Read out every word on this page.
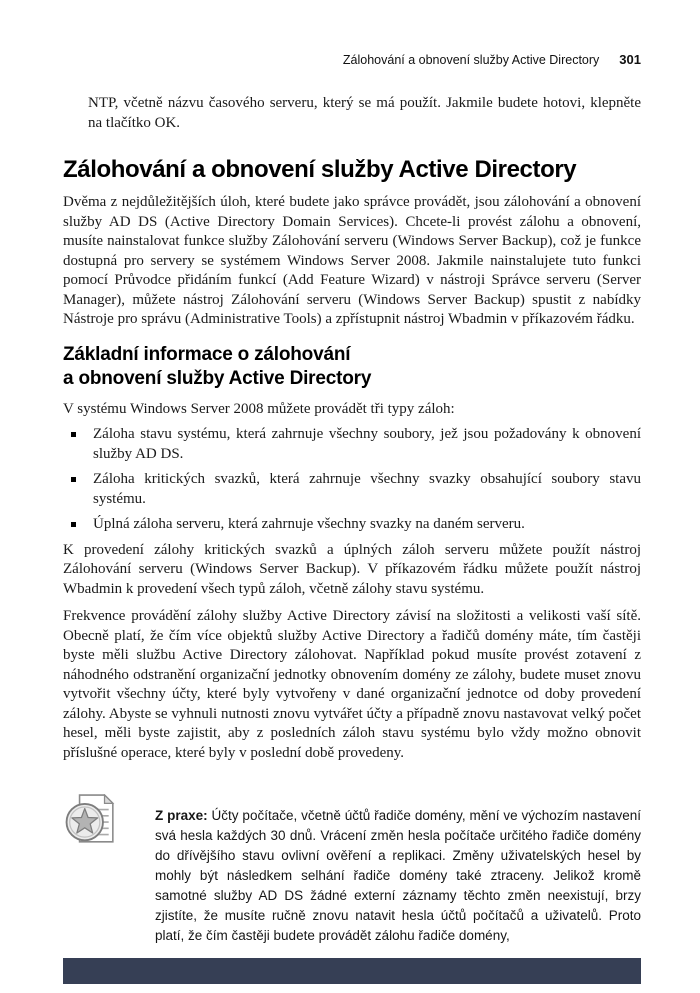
Zálohování a obnovení služby Active Directory 301

NTP, včetně názvu časového serveru, který se má použít. Jakmile budete hotovi, klepněte na tlačítko OK.

Zálohování a obnovení služby Active Directory

Dvěma z nejdůležitějších úloh, které budete jako správce provádět, jsou zálohování a obnovení služby AD DS (Active Directory Domain Services). Chcete-li provést zálohu a obnovení, musíte nainstalovat funkce služby Zálohování serveru (Windows Server Backup), což je funkce dostupná pro servery se systémem Windows Server 2008. Jakmile nainstalujete tuto funkci pomocí Průvodce přidáním funkcí (Add Feature Wizard) v nástroji Správce serveru (Server Manager), můžete nástroj Zálohování serveru (Windows Server Backup) spustit z nabídky Nástroje pro správu (Administrative Tools) a zpřístupnit nástroj Wbadmin v příkazovém řádku.

Základní informace o zálohování
a obnovení služby Active Directory

V systému Windows Server 2008 můžete provádět tři typy záloh:

Záloha stavu systému, která zahrnuje všechny soubory, jež jsou požadovány k obnovení služby AD DS.
Záloha kritických svazků, která zahrnuje všechny svazky obsahující soubory stavu systému.
Úplná záloha serveru, která zahrnuje všechny svazky na daném serveru.

K provedení zálohy kritických svazků a úplných záloh serveru můžete použít nástroj Zálohování serveru (Windows Server Backup). V příkazovém řádku můžete použít nástroj Wbadmin k provedení všech typů záloh, včetně zálohy stavu systému.

Frekvence provádění zálohy služby Active Directory závisí na složitosti a velikosti vaší sítě. Obecně platí, že čím více objektů služby Active Directory a řadičů domény máte, tím častěji byste měli službu Active Directory zálohovat. Například pokud musíte provést zotavení z náhodného odstranění organizační jednotky obnovením domény ze zálohy, budete muset znovu vytvořit všechny účty, které byly vytvořeny v dané organizační jednotce od doby provedení zálohy. Abyste se vyhnuli nutnosti znovu vytvářet účty a případně znovu nastavovat velký počet hesel, měli byste zajistit, aby z posledních záloh stavu systému bylo vždy možno obnovit příslušné operace, které byly v poslední době provedeny.

Z praxe: Účty počítače, včetně účtů řadiče domény, mění ve výchozím nastavení svá hesla každých 30 dnů. Vrácení změn hesla počítače určitého řadiče domény do dřívějšího stavu ovlivní ověření a replikaci. Změny uživatelských hesel by mohly být následkem selhání řadiče domény také ztraceny. Jelikož kromě samotné služby AD DS žádné externí záznamy těchto změn neexistují, brzy zjistíte, že musíte ručně znovu natavit hesla účtů počítačů a uživatelů. Proto platí, že čím častěji budete provádět zálohu řadiče domény,
